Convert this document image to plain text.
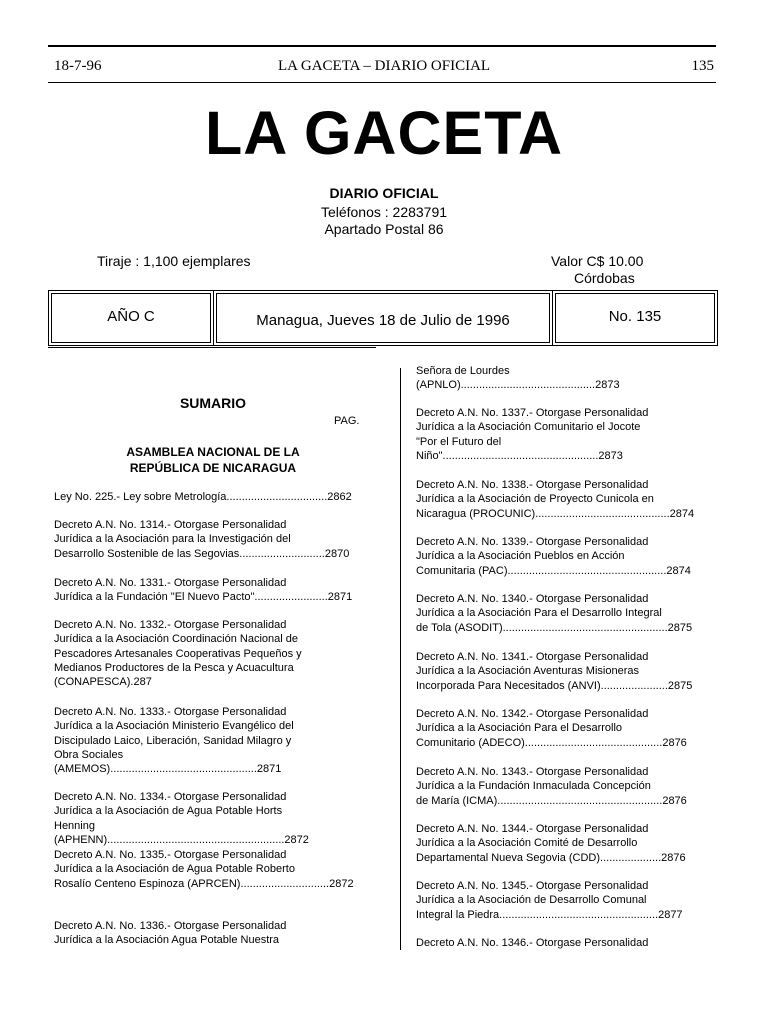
18-7-96	LA GACETA – DIARIO OFICIAL	135
LA GACETA
DIARIO OFICIAL
Teléfonos : 2283791
Apartado Postal 86
Tiraje : 1,100 ejemplares	Valor C$ 10.00
Córdobas
AÑO C	Managua, Jueves 18 de Julio de 1996	No. 135
SUMARIO
PAG.
ASAMBLEA NACIONAL DE LA
REPÚBLICA DE NICARAGUA
Ley No. 225.- Ley sobre Metrología.................................2862
Decreto A.N. No. 1314.- Otorgase Personalidad
Jurídica a la Asociación para la Investigación del
Desarrollo Sostenible de las Segovias............................2870
Decreto A.N. No. 1331.- Otorgase Personalidad
Jurídica a la Fundación "El Nuevo Pacto"........................2871
Decreto A.N. No. 1332.- Otorgase Personalidad
Jurídica a la Asociación Coordinación Nacional de
Pescadores Artesanales Cooperativas Pequeños y
Medianos Productores de la Pesca y Acuacultura
(CONAPESCA).287
Decreto A.N. No. 1333.- Otorgase Personalidad
Jurídica a la Asociación Ministerio Evangélico del
Discipulado Laico, Liberación, Sanidad Milagro y
Obra Sociales
(AMEMOS)................................................2871
Decreto A.N. No. 1334.- Otorgase Personalidad
Jurídica a la Asociación de Agua Potable Horts
Henning
(APHENN)..........................................................2872
Decreto A.N. No. 1335.- Otorgase Personalidad
Jurídica a la Asociación de Agua Potable Roberto
Rosalío Centeno Espinoza (APRCEN).............................2872
Decreto A.N. No. 1336.- Otorgase Personalidad
Jurídica a la Asociación Agua Potable Nuestra
Señora de Lourdes
(APNLO)............................................2873
Decreto A.N. No. 1337.- Otorgase Personalidad
Jurídica a la Asociación Comunitario el Jocote
"Por el Futuro del
Niño"...................................................2873
Decreto A.N. No. 1338.- Otorgase Personalidad
Jurídica a la Asociación de Proyecto Cunicola en
Nicaragua (PROCUNIC)............................................2874
Decreto A.N. No. 1339.- Otorgase Personalidad
Jurídica a la Asociación Pueblos en Acción
Comunitaria (PAC)....................................................2874
Decreto A.N. No. 1340.- Otorgase Personalidad
Jurídica a la Asociación Para el Desarrollo Integral
de Tola (ASODIT)......................................................2875
Decreto A.N. No. 1341.- Otorgase Personalidad
Jurídica a la Asociación Aventuras Misioneras
Incorporada Para Necesitados (ANVI)......................2875
Decreto A.N. No. 1342.- Otorgase Personalidad
Jurídica a la Asociación Para el Desarrollo
Comunitario (ADECO).............................................2876
Decreto A.N. No. 1343.- Otorgase Personalidad
Jurídica a la Fundación Inmaculada Concepción
de María (ICMA)......................................................2876
Decreto A.N. No. 1344.- Otorgase Personalidad
Jurídica a la Asociación Comité de Desarrollo
Departamental Nueva Segovia (CDD)....................2876
Decreto A.N. No. 1345.- Otorgase Personalidad
Jurídica a la Asociación de Desarrollo Comunal
Integral la Piedra....................................................2877
Decreto A.N. No. 1346.- Otorgase Personalidad
